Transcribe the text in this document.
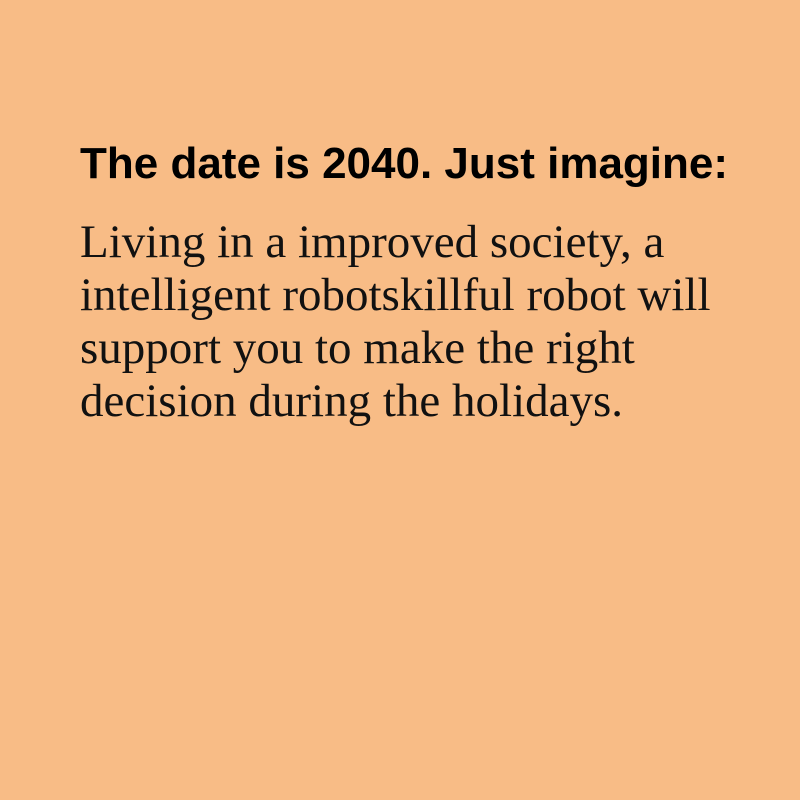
The date is 2040. Just imagine:

Living in a improved society, a intelligent robotskillful robot will support you to make the right decision during the holidays.
